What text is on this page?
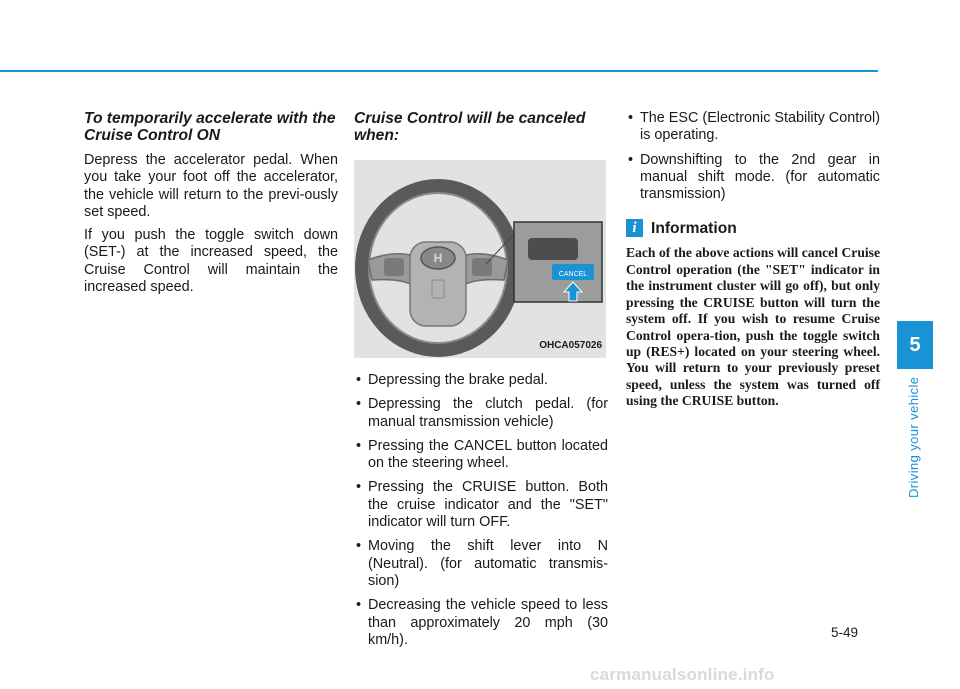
To temporarily accelerate with the Cruise Control ON

Depress the accelerator pedal. When you take your foot off the accelerator, the vehicle will return to the previ-ously set speed.

If you push the toggle switch down (SET-) at the increased speed, the Cruise Control will maintain the increased speed.

Cruise Control will be canceled when:
H
CANCEL
OHCA057026
• Depressing the brake pedal.
• Depressing the clutch pedal. (for manual transmission vehicle)
• Pressing the CANCEL button located on the steering wheel.
• Pressing the CRUISE button. Both the cruise indicator and the "SET" indicator will turn OFF.
• Moving the shift lever into N (Neutral). (for automatic transmis-sion)
• Decreasing the vehicle speed to less than approximately 20 mph (30 km/h).
• The ESC (Electronic Stability Control) is operating.
• Downshifting to the 2nd gear in manual shift mode. (for automatic transmission)
i Information

Each of the above actions will cancel Cruise Control operation (the "SET" indicator in the instrument cluster will go off), but only pressing the CRUISE button will turn the system off. If you wish to resume Cruise Control opera-tion, push the toggle switch up (RES+) located on your steering wheel. You will return to your previously preset speed, unless the system was turned off using the CRUISE button.

5
Driving your vehicle
5-49
carmanualsonline.info
